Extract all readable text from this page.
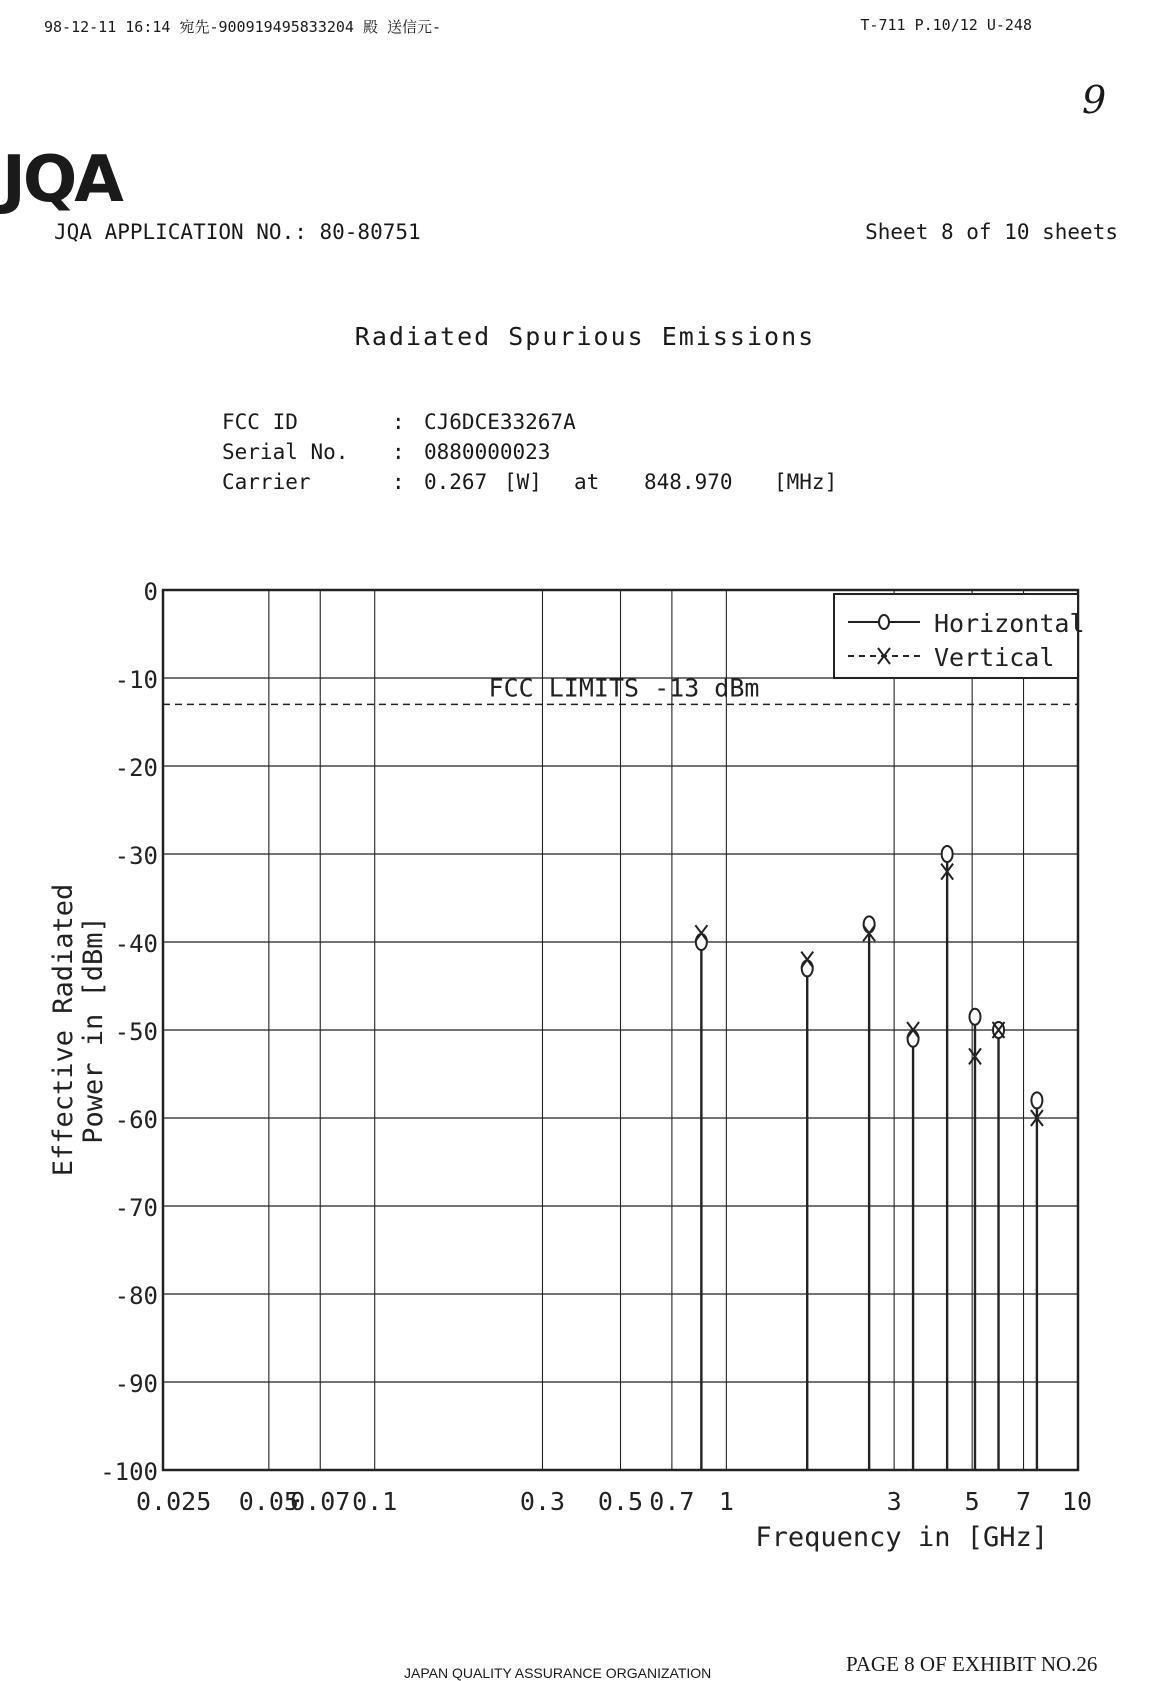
98-12-11 16:14 宛先-900919495833204 殿 送信元-	T-711 P.10/12 U-248
9
JQA
JQA APPLICATION NO.: 80-80751	Sheet 8 of 10 sheets
Radiated Spurious Emissions
FCC ID	: CJ6DCE33267A
Serial No. : 0880000023
Carrier	: 0.267 [W] at 848.970 [MHz]
0
-10
-20
-30
-40
-50
-60
-70
-80
-90
-100
0.025 0.05
0.07 0.1	0.3 0.5 0.7 1	3	5 7 10
Frequency in [GHz]
Effective Radiated Power in [dBm]
FCC LIMITS -13 dBm
Horizontal
Vertical
JAPAN QUALITY ASSURANCE ORGANIZATION	PAGE 8 OF EXHIBIT NO.26
